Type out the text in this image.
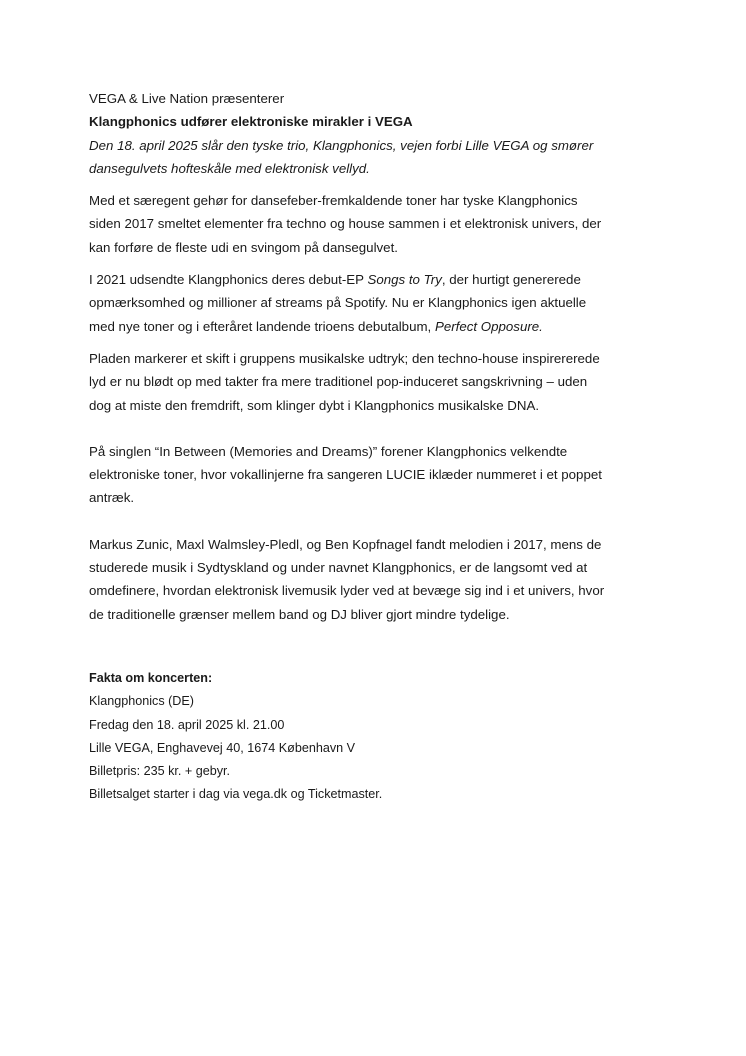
VEGA & Live Nation præsenterer
Klangphonics udfører elektroniske mirakler i VEGA
Den 18. april 2025 slår den tyske trio, Klangphonics, vejen forbi Lille VEGA og smører
dansegulvets hofteskåle med elektronisk vellyd.
Med et særegent gehør for dansefeber-fremkaldende toner har tyske Klangphonics
siden 2017 smeltet elementer fra techno og house sammen i et elektronisk univers, der
kan forføre de fleste udi en svingom på dansegulvet.
I 2021 udsendte Klangphonics deres debut-EP Songs to Try, der hurtigt genererede
opmærksomhed og millioner af streams på Spotify. Nu er Klangphonics igen aktuelle
med nye toner og i efteråret landende trioens debutalbum, Perfect Opposure.
Pladen markerer et skift i gruppens musikalske udtryk; den techno-house inspirererede
lyd er nu blødt op med takter fra mere traditionel pop-induceret sangskrivning – uden
dog at miste den fremdrift, som klinger dybt i Klangphonics musikalske DNA.
På singlen “In Between (Memories and Dreams)” forener Klangphonics velkendte
elektroniske toner, hvor vokallinjerne fra sangeren LUCIE iklæder nummeret i et poppet
antræk.
Markus Zunic, Maxl Walmsley-Pledl, og Ben Kopfnagel fandt melodien i 2017, mens de
studerede musik i Sydtyskland og under navnet Klangphonics, er de langsomt ved at
omdefinere, hvordan elektronisk livemusik lyder ved at bevæge sig ind i et univers, hvor
de traditionelle grænser mellem band og DJ bliver gjort mindre tydelige.
Fakta om koncerten:
Klangphonics (DE)
Fredag den 18. april 2025 kl. 21.00
Lille VEGA, Enghavevej 40, 1674 København V
Billetpris: 235 kr. + gebyr.
Billetsalget starter i dag via vega.dk og Ticketmaster.
